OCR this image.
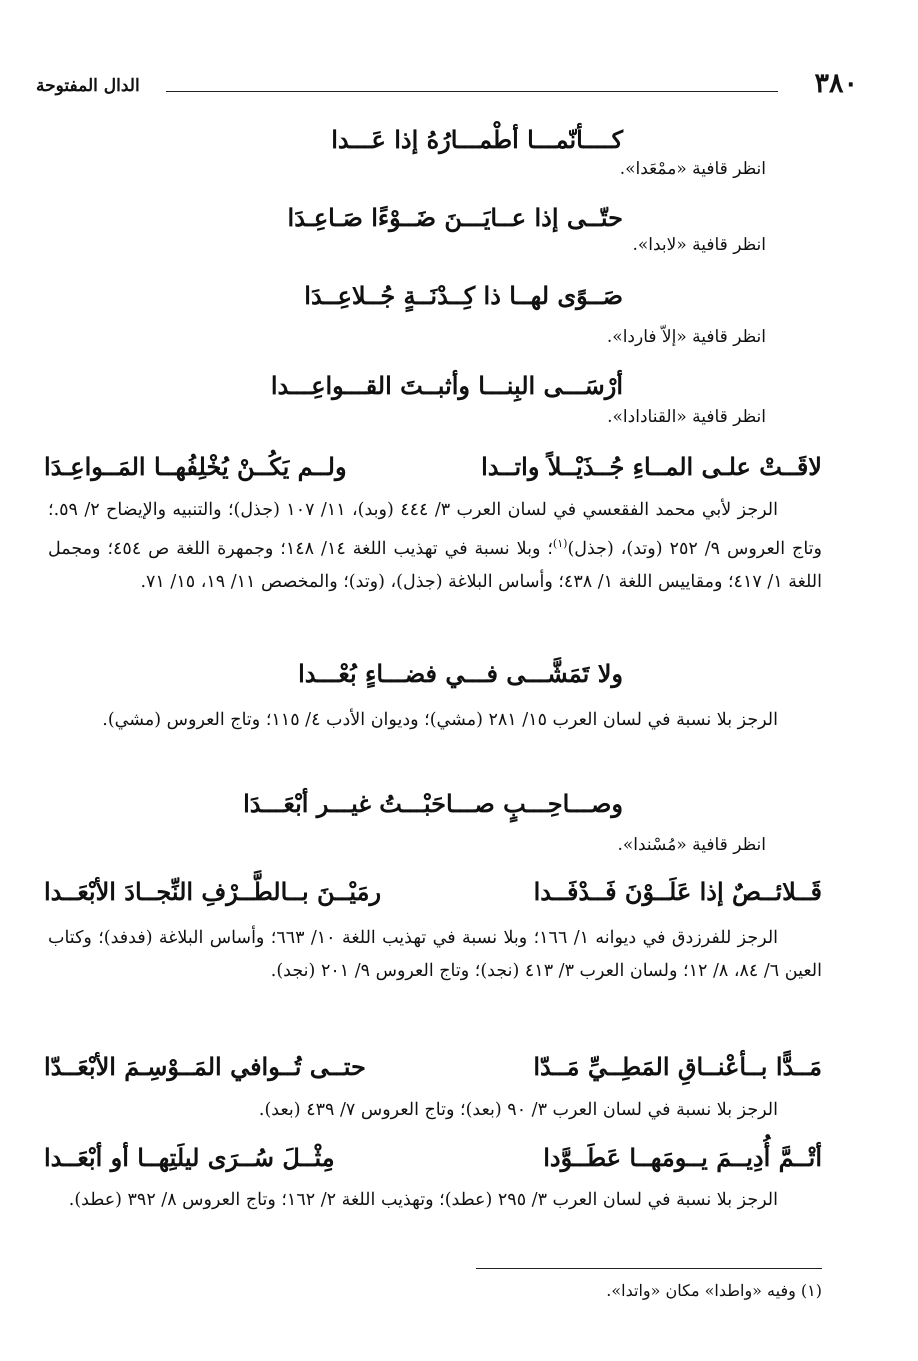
٣٨٠
الدال المفتوحة
كــــأنّمـــا أطْمـــارُهُ إذا عَـــدا
انظر قافية «ممْعَدا».
حتّــى إذا عــايَـــنَ ضَــوْءًا صَـاعِـدَا
انظر قافية «لابدا».
صَــوًى لهــا ذا كِــدْنَــةٍ جُــلاعِــدَا
انظر قافية «إلاّ فاردا».
أرْسَـــى البِنـــا وأثبــتَ القـــواعِـــدا
انظر قافية «القنادادا».
لاقَــتْ علـى المــاءِ جُــذَيْــلاً واتــدا
ولــم يَكُــنْ يُخْلِفُهــا المَــواعِـدَا

الرجز لأبي محمد الفقعسي في لسان العرب ٣/ ٤٤٤ (وبد)، ١١/ ١٠٧ (جذل)؛ والتنبيه والإيضاح ٢/ ٥٩.؛ وتاج العروس ٩/ ٢٥٢ (وتد)، (جذل)$^{(١)}$؛ وبلا نسبة في تهذيب اللغة ١٤/ ١٤٨؛ وجمهرة اللغة ص ٤٥٤؛ ومجمل اللغة ١/ ٤١٧؛ ومقاييس اللغة ١/ ٤٣٨؛ وأساس البلاغة (جذل)، (وتد)؛ والمخصص ١١/ ١٩، ١٥/ ٧١.

ولا تَمَشَّـــى فـــي فضـــاءٍ بُعْـــدا

الرجز بلا نسبة في لسان العرب ١٥/ ٢٨١ (مشي)؛ وديوان الأدب ٤/ ١١٥؛ وتاج العروس (مشي).

وصـــاحِـــبٍ صـــاحَبْـــتُ غيـــر أبْعَـــدَا
انظر قافية «مُسْندا».
قَــلائــصٌ إذا عَلَــوْنَ فَــدْفَــدا
رمَيْــنَ بــالطَّــرْفِ النِّجــادَ الأبْعَــدا

الرجز للفرزدق في ديوانه ١/ ١٦٦؛ وبلا نسبة في تهذيب اللغة ١٠/ ٦٦٣؛ وأساس البلاغة (فدفد)؛ وكتاب العين ٦/ ٨٤، ٨/ ١٢؛ ولسان العرب ٣/ ٤١٣ (نجد)؛ وتاج العروس ٩/ ٢٠١ (نجد).

مَــدًّا بــأعْنــاقِ المَطِــيِّ مَــدّا
حتــى تُــوافي المَــوْسِـمَ الأبْعَــدّا

الرجز بلا نسبة في لسان العرب ٣/ ٩٠ (بعد)؛ وتاج العروس ٧/ ٤٣٩ (بعد).

أتْــمَّ أُدِيــمَ يــومَهــا عَطَــوَّدا
مِثْــلَ سُــرَى ليلَتِهــا أو أبْعَــدا

الرجز بلا نسبة في لسان العرب ٣/ ٢٩٥ (عطد)؛ وتهذيب اللغة ٢/ ١٦٢؛ وتاج العروس ٨/ ٣٩٢ (عطد).

(١) وفيه «واطدا» مكان «واتدا».
